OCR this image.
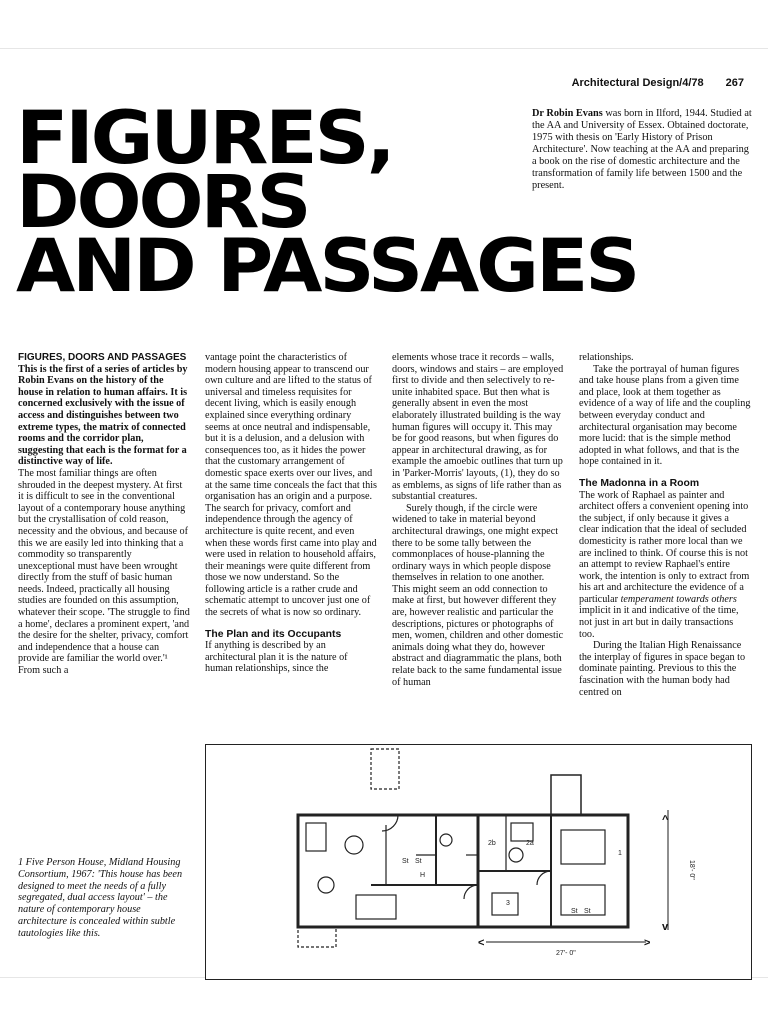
Architectural Design/4/78 267
FIGURES,
DOORS
AND PASSAGES
Dr Robin Evans was born in Ilford, 1944. Studied at the AA and University of Essex. Obtained doctorate, 1975 with thesis on 'Early History of Prison Architecture'. Now teaching at the AA and preparing a book on the rise of domestic architecture and the transformation of family life between 1500 and the present.
FIGURES, DOORS AND PASSAGES

This is the first of a series of articles by Robin Evans on the history of the house in relation to human affairs. It is concerned exclusively with the issue of access and distinguishes between two extreme types, the matrix of connected rooms and the corridor plan, suggesting that each is the format for a distinctive way of life.

The most familiar things are often shrouded in the deepest mystery. At first it is difficult to see in the conventional layout of a contemporary house anything but the crystallisation of cold reason, necessity and the obvious, and because of this we are easily led into thinking that a commodity so transparently unexceptional must have been wrought directly from the stuff of basic human needs. Indeed, practically all housing studies are founded on this assumption, whatever their scope. 'The struggle to find a home', declares a prominent expert, 'and the desire for the shelter, privacy, comfort and independence that a house can provide are familiar the world over.'¹ From such a

vantage point the characteristics of modern housing appear to transcend our own culture and are lifted to the status of universal and timeless requisites for decent living, which is easily enough explained since everything ordinary seems at once neutral and indispensable, but it is a delusion, and a delusion with consequences too, as it hides the power that the customary arrangement of domestic space exerts over our lives, and at the same time conceals the fact that this organisation has an origin and a purpose. The search for privacy, comfort and independence through the agency of architecture is quite recent, and even when these words first came into play and were used in relation to household affairs, their meanings were quite different from those we now understand. So the following article is a rather crude and schematic attempt to uncover just one of the secrets of what is now so ordinary.

The Plan and its Occupants

If anything is described by an architectural plan it is the nature of human relationships, since the

elements whose trace it records – walls, doors, windows and stairs – are employed first to divide and then selectively to re-unite inhabited space. But then what is generally absent in even the most elaborately illustrated building is the way human figures will occupy it. This may be for good reasons, but when figures do appear in architectural drawing, as for example the amoebic outlines that turn up in 'Parker-Morris' layouts, (1), they do so as emblems, as signs of life rather than as substantial creatures.

Surely though, if the circle were widened to take in material beyond architectural drawings, one might expect there to be some tally between the commonplaces of house-planning the ordinary ways in which people dispose themselves in relation to one another. This might seem an odd connection to make at first, but however different they are, however realistic and particular the descriptions, pictures or photographs of men, women, children and other domestic animals doing what they do, however abstract and diagrammatic the plans, both relate back to the same fundamental issue of human

relationships.

Take the portrayal of human figures and take house plans from a given time and place, look at them together as evidence of a way of life and the coupling between everyday conduct and architectural organisation may become more lucid: that is the simple method adopted in what follows, and that is the hope contained in it.

The Madonna in a Room

The work of Raphael as painter and architect offers a convenient opening into the subject, if only because it gives a clear indication that the ideal of secluded domesticity is rather more local than we are inclined to think. Of course this is not an attempt to review Raphael's entire work, the intention is only to extract from his art and architecture the evidence of a particular temperament towards others implicit in it and indicative of the time, not just in art but in daily transactions too.

During the Italian High Renaissance the interplay of figures in space began to dominate painting. Previous to this the fascination with the human body had centred on

1 Five Person House, Midland Housing Consortium, 1967: 'This house has been designed to meet the needs of a fully segregated, dual access layout' – the nature of contemporary house architecture is concealed within subtle tautologies like this.
St St
H
2b	2a
1
3
St St
27'- 0"
18'- 0"
^
v
<	>
